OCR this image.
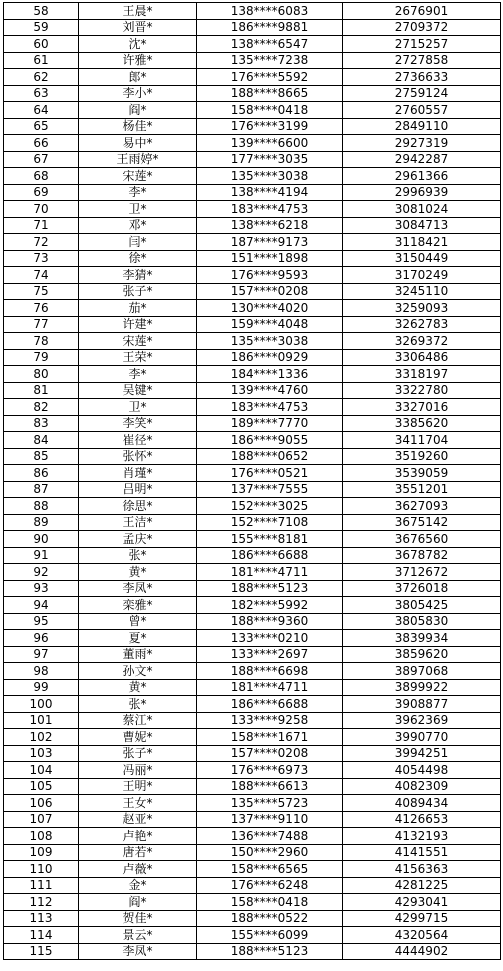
58	王晨*	138****6083	2676901
59	刘晋*	186****9881	2709372
60	沈*	138****6547	2715257
61	许雅*	135****7238	2727858
62	郎*	176****5592	2736633
63	李小*	188****8665	2759124
64	阎*	158****0418	2760557
65	杨佳*	176****3199	2849110
66	易中*	139****6600	2927319
67	王雨婷*	177****3035	2942287
68	宋莲*	135****3038	2961366
69	李*	138****4194	2996939
70	卫*	183****4753	3081024
71	邓*	138****6218	3084713
72	闫*	187****9173	3118421
73	徐*	151****1898	3150449
74	李猜*	176****9593	3170249
75	张子*	157****0208	3245110
76	茄*	130****4020	3259093
77	许建*	159****4048	3262783
78	宋莲*	135****3038	3269372
79	王荣*	186****0929	3306486
80	李*	184****1336	3318197
81	吴键*	139****4760	3322780
82	卫*	183****4753	3327016
83	李笑*	189****7770	3385620
84	崔径*	186****9055	3411704
85	张怀*	188****0652	3519260
86	肖瑾*	176****0521	3539059
87	吕明*	137****7555	3551201
88	徐思*	152****3025	3627093
89	王洁*	152****7108	3675142
90	孟庆*	155****8181	3676560
91	张*	186****6688	3678782
92	黄*	181****4711	3712672
93	李凤*	188****5123	3726018
94	栾雅*	182****5992	3805425
95	曾*	188****9360	3805830
96	夏*	133****0210	3839934
97	董雨*	133****2697	3859620
98	孙文*	188****6698	3897068
99	黄*	181****4711	3899922
100	张*	186****6688	3908877
101	蔡江*	133****9258	3962369
102	曹妮*	158****1671	3990770
103	张子*	157****0208	3994251
104	冯丽*	176****6973	4054498
105	王明*	188****6613	4082309
106	王女*	135****5723	4089434
107	赵亚*	137****9110	4126653
108	卢艳*	136****7488	4132193
109	唐若*	150****2960	4141551
110	卢薇*	158****6565	4156363
111	金*	176****6248	4281225
112	阎*	158****0418	4293041
113	贺佳*	188****0522	4299715
114	景云*	155****6099	4320564
115	李凤*	188****5123	4444902
